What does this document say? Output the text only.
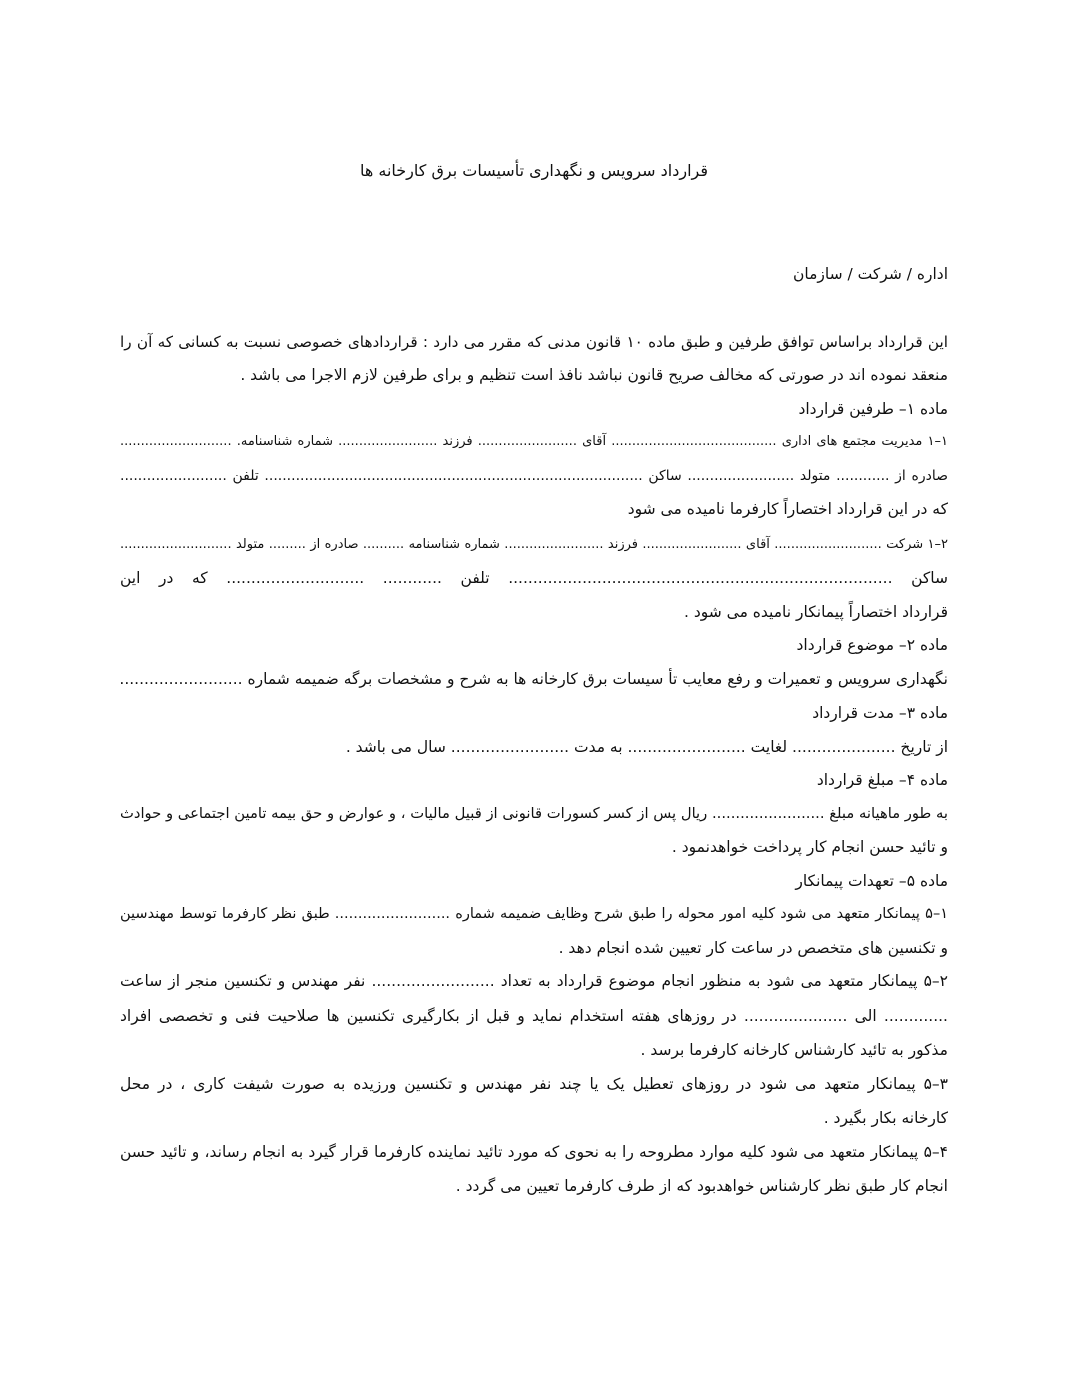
قرارداد سرویس و نگهداری تأسیسات برق کارخانه ها
اداره / شرکت / سازمان
این قرارداد براساس توافق طرفین و طبق ماده ۱۰ قانون مدنی که مقرر می دارد : قراردادهای خصوصی نسبت به کسانی که آن را
منعقد نموده اند در صورتی که مخالف صریح قانون نباشد نافذ است تنظیم و برای طرفین لازم الاجرا می باشد .
ماده ۱– طرفین قرارداد
۱–۱ مدیریت مجتمع های اداری ........................................ آقای ........................ فرزند ........................ شماره شناسنامه. ...........................
صادره از ............ متولد ........................ ساکن ..................................................................................... تلفن ........................
که در این قرارداد اختصاراً کارفرما نامیده می شود
۲–۱ شرکت .......................... آقای ........................ فرزند ........................ شماره شناسنامه .......... صادره از ......... متولد ...........................
ساکن .............................................................................. تلفن ............ ............................ که در این
قرارداد اختصاراً پیمانکار نامیده می شود .
ماده ۲– موضوع قرارداد
نگهداری سرویس و تعمیرات و رفع معایب تأ سیسات برق کارخانه ها به شرح و مشخصات برگه ضمیمه شماره .........................
ماده ۳– مدت قرارداد
از تاریخ ..................... لغایت ........................ به مدت ........................ سال می باشد .
ماده ۴– مبلغ قرارداد
به طور ماهیانه مبلغ ........................ ریال پس از کسر کسورات قانونی از قبیل مالیات ، و عوارض و حق بیمه تامین اجتماعی و حوادث
و تائید حسن انجام کار پرداخت خواهدنمود .
ماده ۵– تعهدات پیمانکار
۱–۵ پیمانکار متعهد می شود کلیه امور محوله را طبق شرح وظایف ضمیمه شماره ......................... طبق نظر کارفرما توسط مهندسین
و تکنسین های متخصص در ساعت کار تعیین شده انجام دهد .
۲–۵ پیمانکار متعهد می شود به منظور انجام موضوع قرارداد به تعداد ......................... نفر مهندس و تکنسین منجر از ساعت
............. الی ..................... در روزهای هفته استخدام نماید و قبل از بکارگیری تکنسین ها صلاحیت فنی و تخصصی افراد
مذکور به تائید کارشناس کارخانه کارفرما برسد .
۳–۵ پیمانکار متعهد می شود در روزهای تعطیل یک یا چند نفر مهندس و تکنسین ورزیده به صورت شیفت کاری ، در محل
کارخانه بکار بگیرد .
۴–۵ پیمانکار متعهد می شود کلیه موارد مطروحه را به نحوی که مورد تائید نماینده کارفرما قرار گیرد به انجام رساند، و تائید حسن
انجام کار طبق نظر کارشناس خواهدبود که از طرف کارفرما تعیین می گردد .
